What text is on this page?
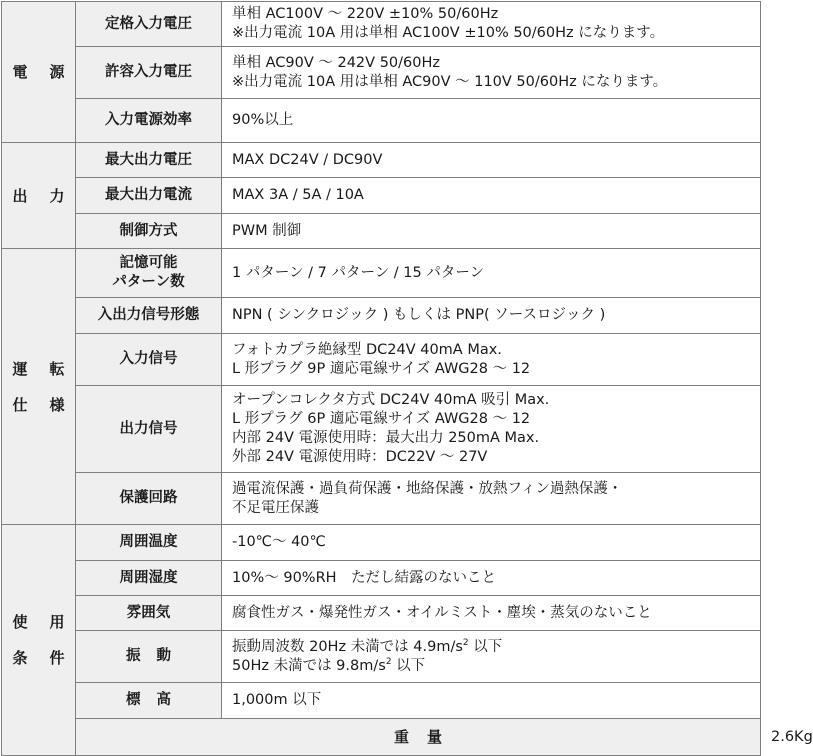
電 源	定格入力電圧	単相 AC100V ～ 220V ±10% 50/60Hz
※出力電流 10A 用は単相 AC100V ±10% 50/60Hz になります。	

	許容入力電圧	単相 AC90V ～ 242V 50/60Hz
※出力電流 10A 用は単相 AC90V ～ 110V 50/60Hz になります。	

	入力電源効率	90%以上	

出 力	最大出力電圧	MAX DC24V / DC90V	
	最大出力電流	MAX 3A / 5A / 10A	
	制御方式	PWM 制御	

運 転
仕 様	記憶可能
パターン数	1 パターン / 7 パターン / 15 パターン	
	入出力信号形態	NPN ( シンクロジック ) もしくは PNP( ソースロジック )	
	入力信号	フォトカプラ絶縁型 DC24V 40mA Max.
L 形プラグ 9P 適応電線サイズ AWG28 ～ 12	

	出力信号	オープンコレクタ方式 DC24V 40mA 吸引 Max.
L 形プラグ 6P 適応電線サイズ AWG28 ～ 12
内部 24V 電源使用時：最大出力 250mA Max.
外部 24V 電源使用時：DC22V ～ 27V	

	保護回路	過電流保護・過負荷保護・地絡保護・放熱フィン過熱保護・
不足電圧保護	

使 用
条 件	周囲温度	-10℃～ 40℃	
	周囲湿度	10%～ 90%RH　ただし結露のないこと	
	雰囲気	腐食性ガス・爆発性ガス・オイルミスト・塵埃・蒸気のないこと	
	振 動	振動周波数 20Hz 未満では $4.9m/s^2$ 以下
50Hz 未満では $9.8m/s^2$ 以下	

	標 高	1,000m 以下	
	重 量		2.6Kg
